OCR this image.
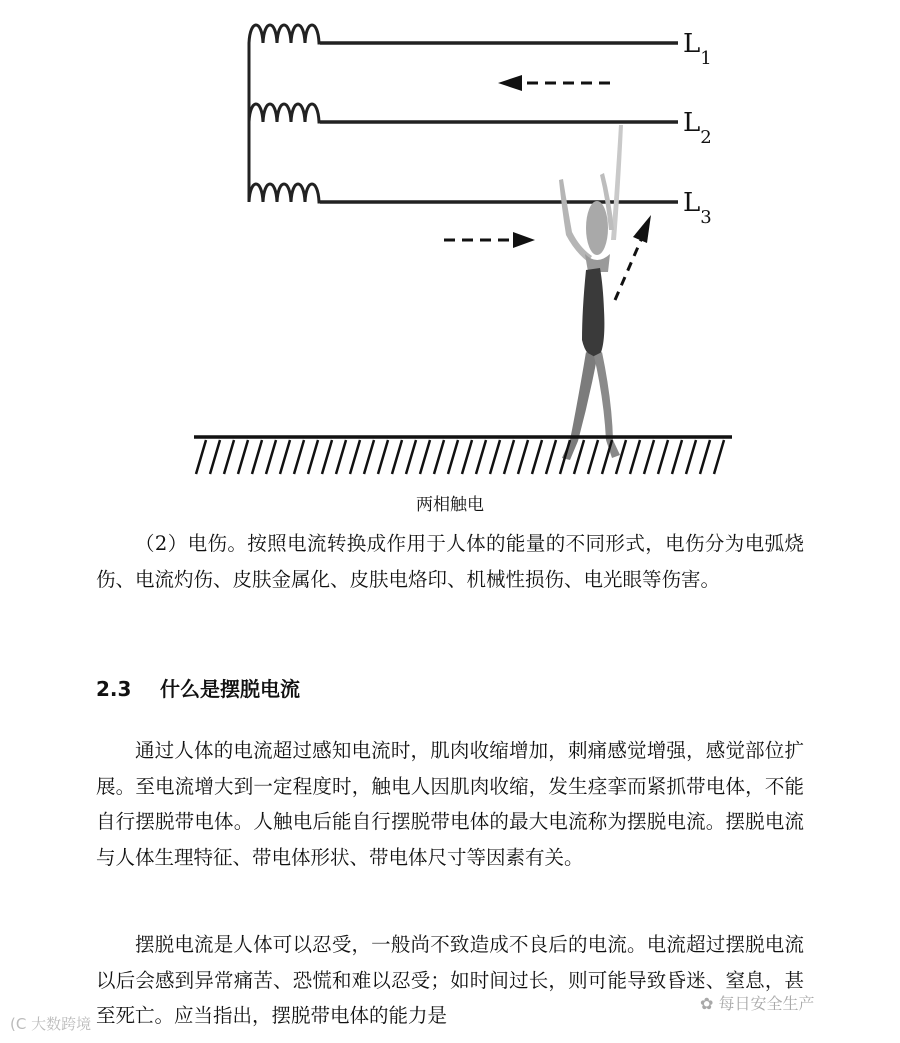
$L_1$
$L_2$
$L_3$
两相触电

（2）电伤。按照电流转换成作用于人体的能量的不同形式，电伤分为电弧烧伤、电流灼伤、皮肤金属化、皮肤电烙印、机械性损伤、电光眼等伤害。

2.3 什么是摆脱电流

通过人体的电流超过感知电流时，肌肉收缩增加，刺痛感觉增强，感觉部位扩展。至电流增大到一定程度时，触电人因肌肉收缩，发生痉挛而紧抓带电体，不能自行摆脱带电体。人触电后能自行摆脱带电体的最大电流称为摆脱电流。摆脱电流与人体生理特征、带电体形状、带电体尺寸等因素有关。

摆脱电流是人体可以忍受，一般尚不致造成不良后的电流。电流超过摆脱电流以后会感到异常痛苦、恐慌和难以忍受；如时间过长，则可能导致昏迷、窒息，甚至死亡。应当指出，摆脱带电体的能力是

(C 大数跨境
✿ 每日安全生产
